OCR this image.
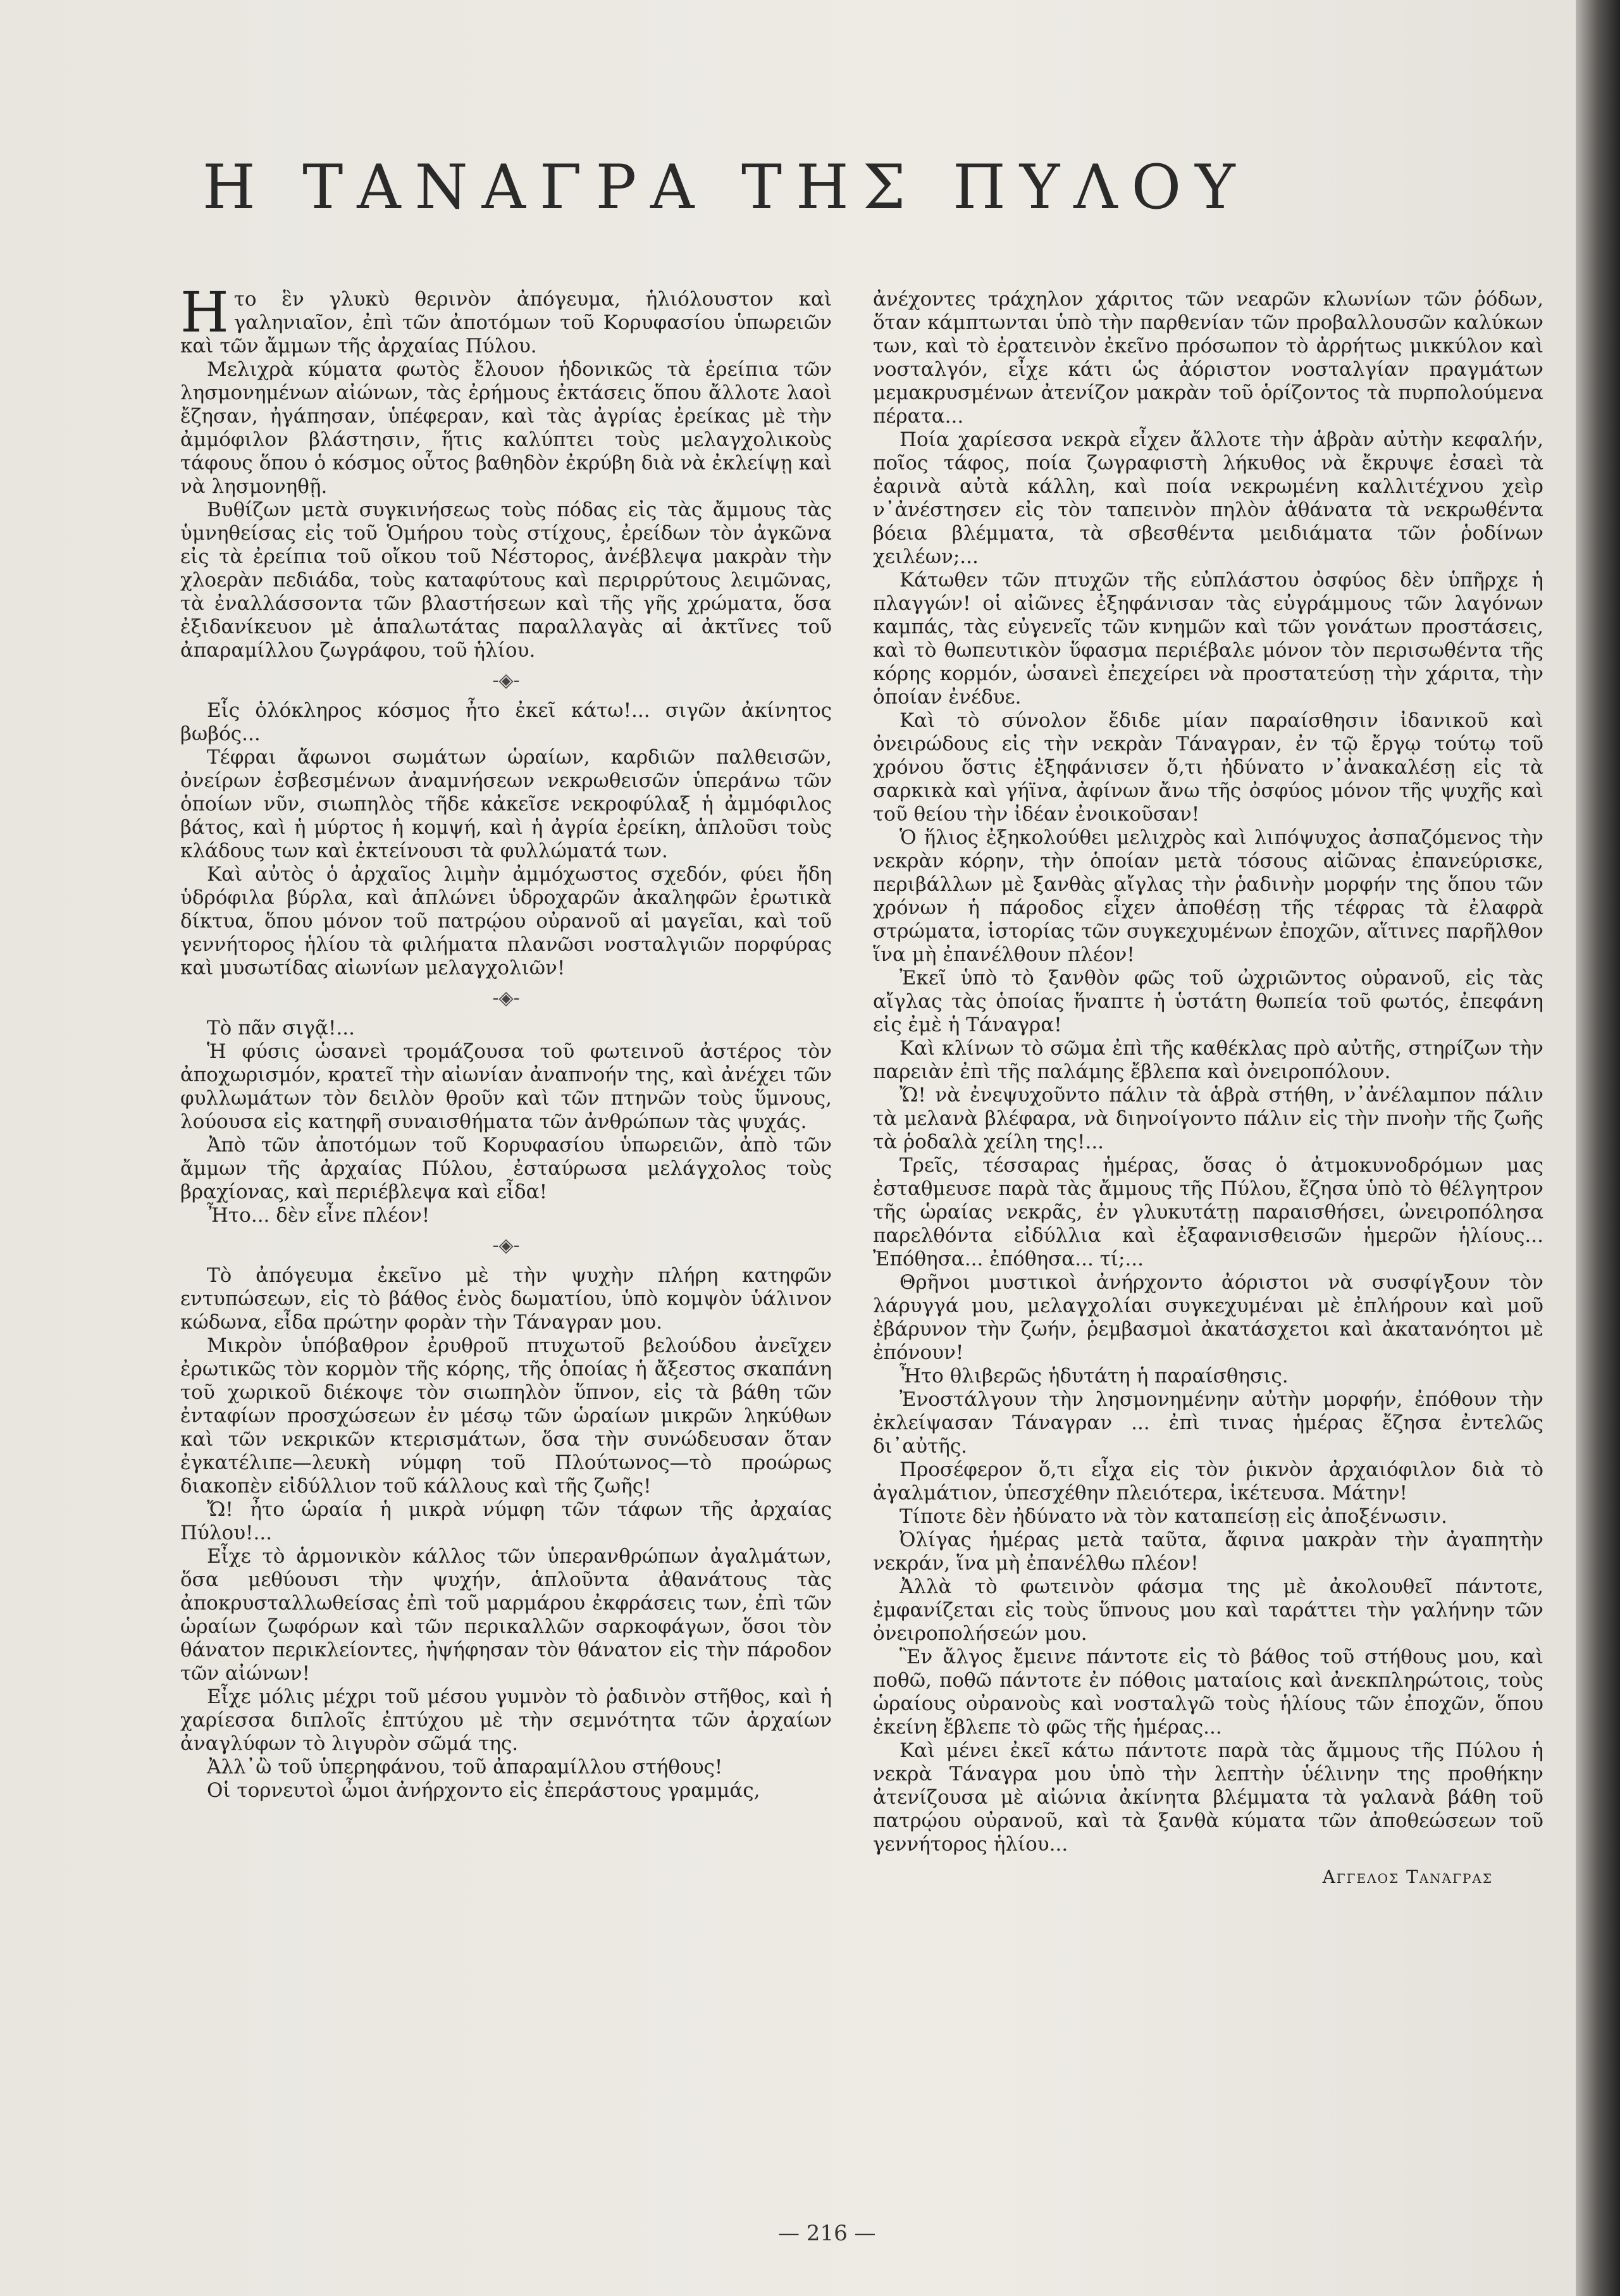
Η ΤΑΝΑΓΡΑ ΤΗΣ ΠΥΛΟΥ

Ητο ἓν γλυκὺ θερινὸν ἀπόγευμα, ἡλιόλουστον καὶ γαληνιαῖον, ἐπὶ τῶν ἀποτόμων τοῦ Κορυφασίου ὑπωρειῶν καὶ τῶν ἄμμων τῆς ἀρχαίας Πύλου.

Μελιχρὰ κύματα φωτὸς ἔλουον ἡδονικῶς τὰ ἐρείπια τῶν λησμονημένων αἰώνων, τὰς ἐρήμους ἐκτάσεις ὅπου ἄλλοτε λαοὶ ἔζησαν, ἠγάπησαν, ὑπέφεραν, καὶ τὰς ἀγρίας ἐρείκας μὲ τὴν ἀμμόφιλον βλάστησιν, ἥτις καλύπτει τοὺς μελαγχολικοὺς τάφους ὅπου ὁ κόσμος οὗτος βαθηδὸν ἐκρύβη διὰ νὰ ἐκλείψῃ καὶ νὰ λησμονηθῇ.

Βυθίζων μετὰ συγκινήσεως τοὺς πόδας εἰς τὰς ἄμμους τὰς ὑμνηθείσας εἰς τοῦ Ὁμήρου τοὺς στίχους, ἐρείδων τὸν ἀγκῶνα εἰς τὰ ἐρείπια τοῦ οἴκου τοῦ Νέστορος, ἀνέβλεψα μακρὰν τὴν χλοερὰν πεδιάδα, τοὺς καταφύτους καὶ περιρρύτους λειμῶνας, τὰ ἐναλλάσσοντα τῶν βλαστήσεων καὶ τῆς γῆς χρώματα, ὅσα ἐξιδανίκευον μὲ ἁπαλωτάτας παραλλαγὰς αἱ ἀκτῖνες τοῦ ἀπαραμίλλου ζωγράφου, τοῦ ἡλίου.

-◈-

Εἷς ὁλόκληρος κόσμος ἦτο ἐκεῖ κάτω!... σιγῶν ἀκίνητος βωβός...

Τέφραι ἄφωνοι σωμάτων ὡραίων, καρδιῶν παλθεισῶν, ὀνείρων ἐσβεσμένων ἀναμνήσεων νεκρωθεισῶν ὑπεράνω τῶν ὁποίων νῦν, σιωπηλὸς τῆδε κἀκεῖσε νεκροφύλαξ ἡ ἀμμόφιλος βάτος, καὶ ἡ μύρτος ἡ κομψή, καὶ ἡ ἀγρία ἐρείκη, ἁπλοῦσι τοὺς κλάδους των καὶ ἐκτείνουσι τὰ φυλλώματά των.

Καὶ αὐτὸς ὁ ἀρχαῖος λιμὴν ἀμμόχωστος σχεδόν, φύει ἤδη ὑδρόφιλα βύρλα, καὶ ἁπλώνει ὑδροχαρῶν ἀκαληφῶν ἐρωτικὰ δίκτυα, ὅπου μόνον τοῦ πατρῴου οὐρανοῦ αἱ μαγεῖαι, καὶ τοῦ γεννήτορος ἡλίου τὰ φιλήματα πλανῶσι νοσταλγιῶν πορφύρας καὶ μυσωτίδας αἰωνίων μελαγχολιῶν!

-◈-

Τὸ πᾶν σιγᾷ!...

Ἡ φύσις ὡσανεὶ τρομάζουσα τοῦ φωτεινοῦ ἀστέρος τὸν ἀποχωρισμόν, κρατεῖ τὴν αἰωνίαν ἀναπνοήν της, καὶ ἀνέχει τῶν φυλλωμάτων τὸν δειλὸν θροῦν καὶ τῶν πτηνῶν τοὺς ὕμνους, λούουσα εἰς κατηφῆ συναισθήματα τῶν ἀνθρώπων τὰς ψυχάς.

Ἀπὸ τῶν ἀποτόμων τοῦ Κορυφασίου ὑπωρειῶν, ἀπὸ τῶν ἄμμων τῆς ἀρχαίας Πύλου, ἐσταύρωσα μελάγχολος τοὺς βραχίονας, καὶ περιέβλεψα καὶ εἶδα!

Ἦτο... δὲν εἶνε πλέον!

-◈-

Τὸ ἀπόγευμα ἐκεῖνο μὲ τὴν ψυχὴν πλήρη κατηφῶν εντυπώσεων, εἰς τὸ βάθος ἑνὸς δωματίου, ὑπὸ κομψὸν ὑάλινον κώδωνα, εἶδα πρώτην φορὰν τὴν Τάναγραν μου.

Μικρὸν ὑπόβαθρον ἐρυθροῦ πτυχωτοῦ βελούδου ἀνεῖχεν ἐρωτικῶς τὸν κορμὸν τῆς κόρης, τῆς ὁποίας ἡ ἄξεστος σκαπάνη τοῦ χωρικοῦ διέκοψε τὸν σιωπηλὸν ὕπνον, εἰς τὰ βάθη τῶν ἐνταφίων προσχώσεων ἐν μέσῳ τῶν ὡραίων μικρῶν ληκύθων καὶ τῶν νεκρικῶν κτερισμάτων, ὅσα τὴν συνώδευσαν ὅταν ἐγκατέλιπε—λευκὴ νύμφη τοῦ Πλούτωνος—τὸ προώρως διακοπὲν εἰδύλλιον τοῦ κάλλους καὶ τῆς ζωῆς!

Ὤ! ἦτο ὡραία ἡ μικρὰ νύμφη τῶν τάφων τῆς ἀρχαίας Πύλου!...

Εἶχε τὸ ἁρμονικὸν κάλλος τῶν ὑπερανθρώπων ἀγαλμάτων, ὅσα μεθύουσι τὴν ψυχήν, ἁπλοῦντα ἀθανάτους τὰς ἀποκρυσταλλωθείσας ἐπὶ τοῦ μαρμάρου ἐκφράσεις των, ἐπὶ τῶν ὡραίων ζωφόρων καὶ τῶν περικαλλῶν σαρκοφάγων, ὅσοι τὸν θάνατον περικλείοντες, ἠψήφησαν τὸν θάνατον εἰς τὴν πάροδον τῶν αἰώνων!

Εἶχε μόλις μέχρι τοῦ μέσου γυμνὸν τὸ ῥαδινὸν στῆθος, καὶ ἡ χαρίεσσα διπλοῖς ἐπτύχου μὲ τὴν σεμνότητα τῶν ἀρχαίων ἀναγλύφων τὸ λιγυρὸν σῶμά της.

Ἀλλ᾽ὢ τοῦ ὑπερηφάνου, τοῦ ἀπαραμίλλου στήθους!

Οἱ τορνευτοὶ ὦμοι ἀνήρχοντο εἰς ἐπεράστους γραμμάς,

ἀνέχοντες τράχηλον χάριτος τῶν νεαρῶν κλωνίων τῶν ῥόδων, ὅταν κάμπτωνται ὑπὸ τὴν παρθενίαν τῶν προβαλλουσῶν καλύκων των, καὶ τὸ ἐρατεινὸν ἐκεῖνο πρόσωπον τὸ ἀρρήτως μικκύλον καὶ νοσταλγόν, εἶχε κάτι ὡς ἀόριστον νοσταλγίαν πραγμάτων μεμακρυσμένων ἀτενίζον μακρὰν τοῦ ὁρίζοντος τὰ πυρπολούμενα πέρατα...

Ποία χαρίεσσα νεκρὰ εἶχεν ἄλλοτε τὴν ἁβρὰν αὐτὴν κεφαλήν, ποῖος τάφος, ποία ζωγραφιστὴ λήκυθος νὰ ἔκρυψε ἐσαεὶ τὰ ἐαρινὰ αὐτὰ κάλλη, καὶ ποία νεκρωμένη καλλιτέχνου χεὶρ ν᾽ἀνέστησεν εἰς τὸν ταπεινὸν πηλὸν ἀθάνατα τὰ νεκρωθέντα βόεια βλέμματα, τὰ σβεσθέντα μειδιάματα τῶν ῥοδίνων χειλέων;...

Κάτωθεν τῶν πτυχῶν τῆς εὐπλάστου ὀσφύος δὲν ὑπῆρχε ἡ πλαγγών! οἱ αἰῶνες ἐξηφάνισαν τὰς εὐγράμμους τῶν λαγόνων καμπάς, τὰς εὐγενεῖς τῶν κνημῶν καὶ τῶν γονάτων προστάσεις, καὶ τὸ θωπευτικὸν ὕφασμα περιέβαλε μόνον τὸν περισωθέντα τῆς κόρης κορμόν, ὡσανεὶ ἐπεχείρει νὰ προστατεύσῃ τὴν χάριτα, τὴν ὁποίαν ἐνέδυε.

Καὶ τὸ σύνολον ἔδιδε μίαν παραίσθησιν ἰδανικοῦ καὶ ὀνειρώδους εἰς τὴν νεκρὰν Τάναγραν, ἐν τῷ ἔργῳ τούτῳ τοῦ χρόνου ὅστις ἐξηφάνισεν ὅ,τι ἠδύνατο ν᾽ἀνακαλέσῃ εἰς τὰ σαρκικὰ καὶ γήϊνα, ἀφίνων ἄνω τῆς ὀσφύος μόνον τῆς ψυχῆς καὶ τοῦ θείου τὴν ἰδέαν ἐνοικοῦσαν!

Ὁ ἥλιος ἐξηκολούθει μελιχρὸς καὶ λιπόψυχος ἀσπαζόμενος τὴν νεκρὰν κόρην, τὴν ὁποίαν μετὰ τόσους αἰῶνας ἐπανεύρισκε, περιβάλλων μὲ ξανθὰς αἴγλας τὴν ῥαδινὴν μορφήν της ὅπου τῶν χρόνων ἡ πάροδος εἶχεν ἀποθέσῃ τῆς τέφρας τὰ ἐλαφρὰ στρώματα, ἱστορίας τῶν συγκεχυμένων ἐποχῶν, αἵτινες παρῆλθον ἵνα μὴ ἐπανέλθουν πλέον!

Ἐκεῖ ὑπὸ τὸ ξανθὸν φῶς τοῦ ὠχριῶντος οὐρανοῦ, εἰς τὰς αἴγλας τὰς ὁποίας ἥναπτε ἡ ὑστάτη θωπεία τοῦ φωτός, ἐπεφάνη εἰς ἐμὲ ἡ Τάναγρα!

Καὶ κλίνων τὸ σῶμα ἐπὶ τῆς καθέκλας πρὸ αὐτῆς, στηρίζων τὴν παρειὰν ἐπὶ τῆς παλάμης ἔβλεπα καὶ ὀνειροπόλουν.

Ὤ! νὰ ἐνεψυχοῦντο πάλιν τὰ ἁβρὰ στήθη, ν᾽ἀνέλαμπον πάλιν τὰ μελανὰ βλέφαρα, νὰ διηνοίγοντο πάλιν εἰς τὴν πνοὴν τῆς ζωῆς τὰ ῥοδαλὰ χείλη της!...

Τρεῖς, τέσσαρας ἡμέρας, ὅσας ὁ ἀτμοκυνοδρόμων μας ἐσταθμευσε παρὰ τὰς ἄμμους τῆς Πύλου, ἔζησα ὑπὸ τὸ θέλγητρον τῆς ὡραίας νεκρᾶς, ἐν γλυκυτάτῃ παραισθήσει, ὠνειροπόλησα παρελθόντα εἰδύλλια καὶ ἐξαφανισθεισῶν ἡμερῶν ἡλίους... Ἐπόθησα... ἐπόθησα... τί;...

Θρῆνοι μυστικοὶ ἀνήρχοντο ἀόριστοι νὰ συσφίγξουν τὸν λάρυγγά μου, μελαγχολίαι συγκεχυμέναι μὲ ἐπλήρουν καὶ μοῦ ἐβάρυνον τὴν ζωήν, ῥεμβασμοὶ ἀκατάσχετοι καὶ ἀκατανόητοι μὲ ἐπόνουν!

Ἦτο θλιβερῶς ἡδυτάτη ἡ παραίσθησις.

Ἐνοστάλγουν τὴν λησμονημένην αὐτὴν μορφήν, ἐπόθουν τὴν ἐκλείψασαν Τάναγραν ... ἐπὶ τινας ἡμέρας ἔζησα ἐντελῶς δι᾽αὐτῆς.

Προσέφερον ὅ,τι εἶχα εἰς τὸν ῥικνὸν ἀρχαιόφιλον διὰ τὸ ἀγαλμάτιον, ὑπεσχέθην πλειότερα, ἱκέτευσα. Μάτην!

Τίποτε δὲν ἠδύνατο νὰ τὸν καταπείσῃ εἰς ἀποξένωσιν.

Ὀλίγας ἡμέρας μετὰ ταῦτα, ἄφινα μακρὰν τὴν ἀγαπητὴν νεκράν, ἵνα μὴ ἐπανέλθω πλέον!

Ἀλλὰ τὸ φωτεινὸν φάσμα της μὲ ἀκολουθεῖ πάντοτε, ἐμφανίζεται εἰς τοὺς ὕπνους μου καὶ ταράττει τὴν γαλήνην τῶν ὀνειροπολήσεών μου.

Ἓν ἄλγος ἔμεινε πάντοτε εἰς τὸ βάθος τοῦ στήθους μου, καὶ ποθῶ, ποθῶ πάντοτε ἐν πόθοις ματαίοις καὶ ἀνεκπληρώτοις, τοὺς ὡραίους οὐρανοὺς καὶ νοσταλγῶ τοὺς ἡλίους τῶν ἐποχῶν, ὅπου ἐκείνη ἔβλεπε τὸ φῶς τῆς ἡμέρας...

Καὶ μένει ἐκεῖ κάτω πάντοτε παρὰ τὰς ἄμμους τῆς Πύλου ἡ νεκρὰ Τάναγρα μου ὑπὸ τὴν λεπτὴν ὑέλινην της προθήκην ἀτενίζουσα μὲ αἰώνια ἀκίνητα βλέμματα τὰ γαλανὰ βάθη τοῦ πατρῴου οὐρανοῦ, καὶ τὰ ξανθὰ κύματα τῶν ἀποθεώσεων τοῦ γεννήτορος ἡλίου...

Αγγελος Τανάγρας
— 216 —
